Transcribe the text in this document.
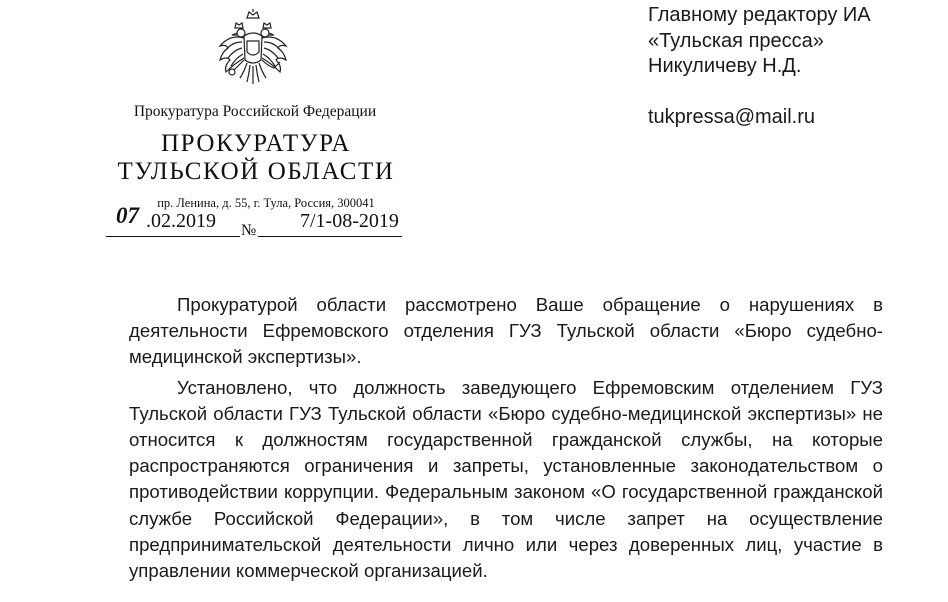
Прокуратура Российской Федерации
ПРОКУРАТУРА
ТУЛЬСКОЙ ОБЛАСТИ
пр. Ленина, д. 55, г. Тула, Россия, 300041
07 .02.2019 № 7/1-08-2019
Главному редактору ИА
«Тульская пресса»
Никуличеву Н.Д.
tukpressa@mail.ru

Прокуратурой области рассмотрено Ваше обращение о нарушениях в деятельности Ефремовского отделения ГУЗ Тульской области «Бюро судебно-медицинской экспертизы».

Установлено, что должность заведующего Ефремовским отделением ГУЗ Тульской области ГУЗ Тульской области «Бюро судебно-медицинской экспертизы» не относится к должностям государственной гражданской службы, на которые распространяются ограничения и запреты, установленные законодательством о противодействии коррупции. Федеральным законом «О государственной гражданской службе Российской Федерации», в том числе запрет на осуществление предпринимательской деятельности лично или через доверенных лиц, участие в управлении коммерческой организацией.
